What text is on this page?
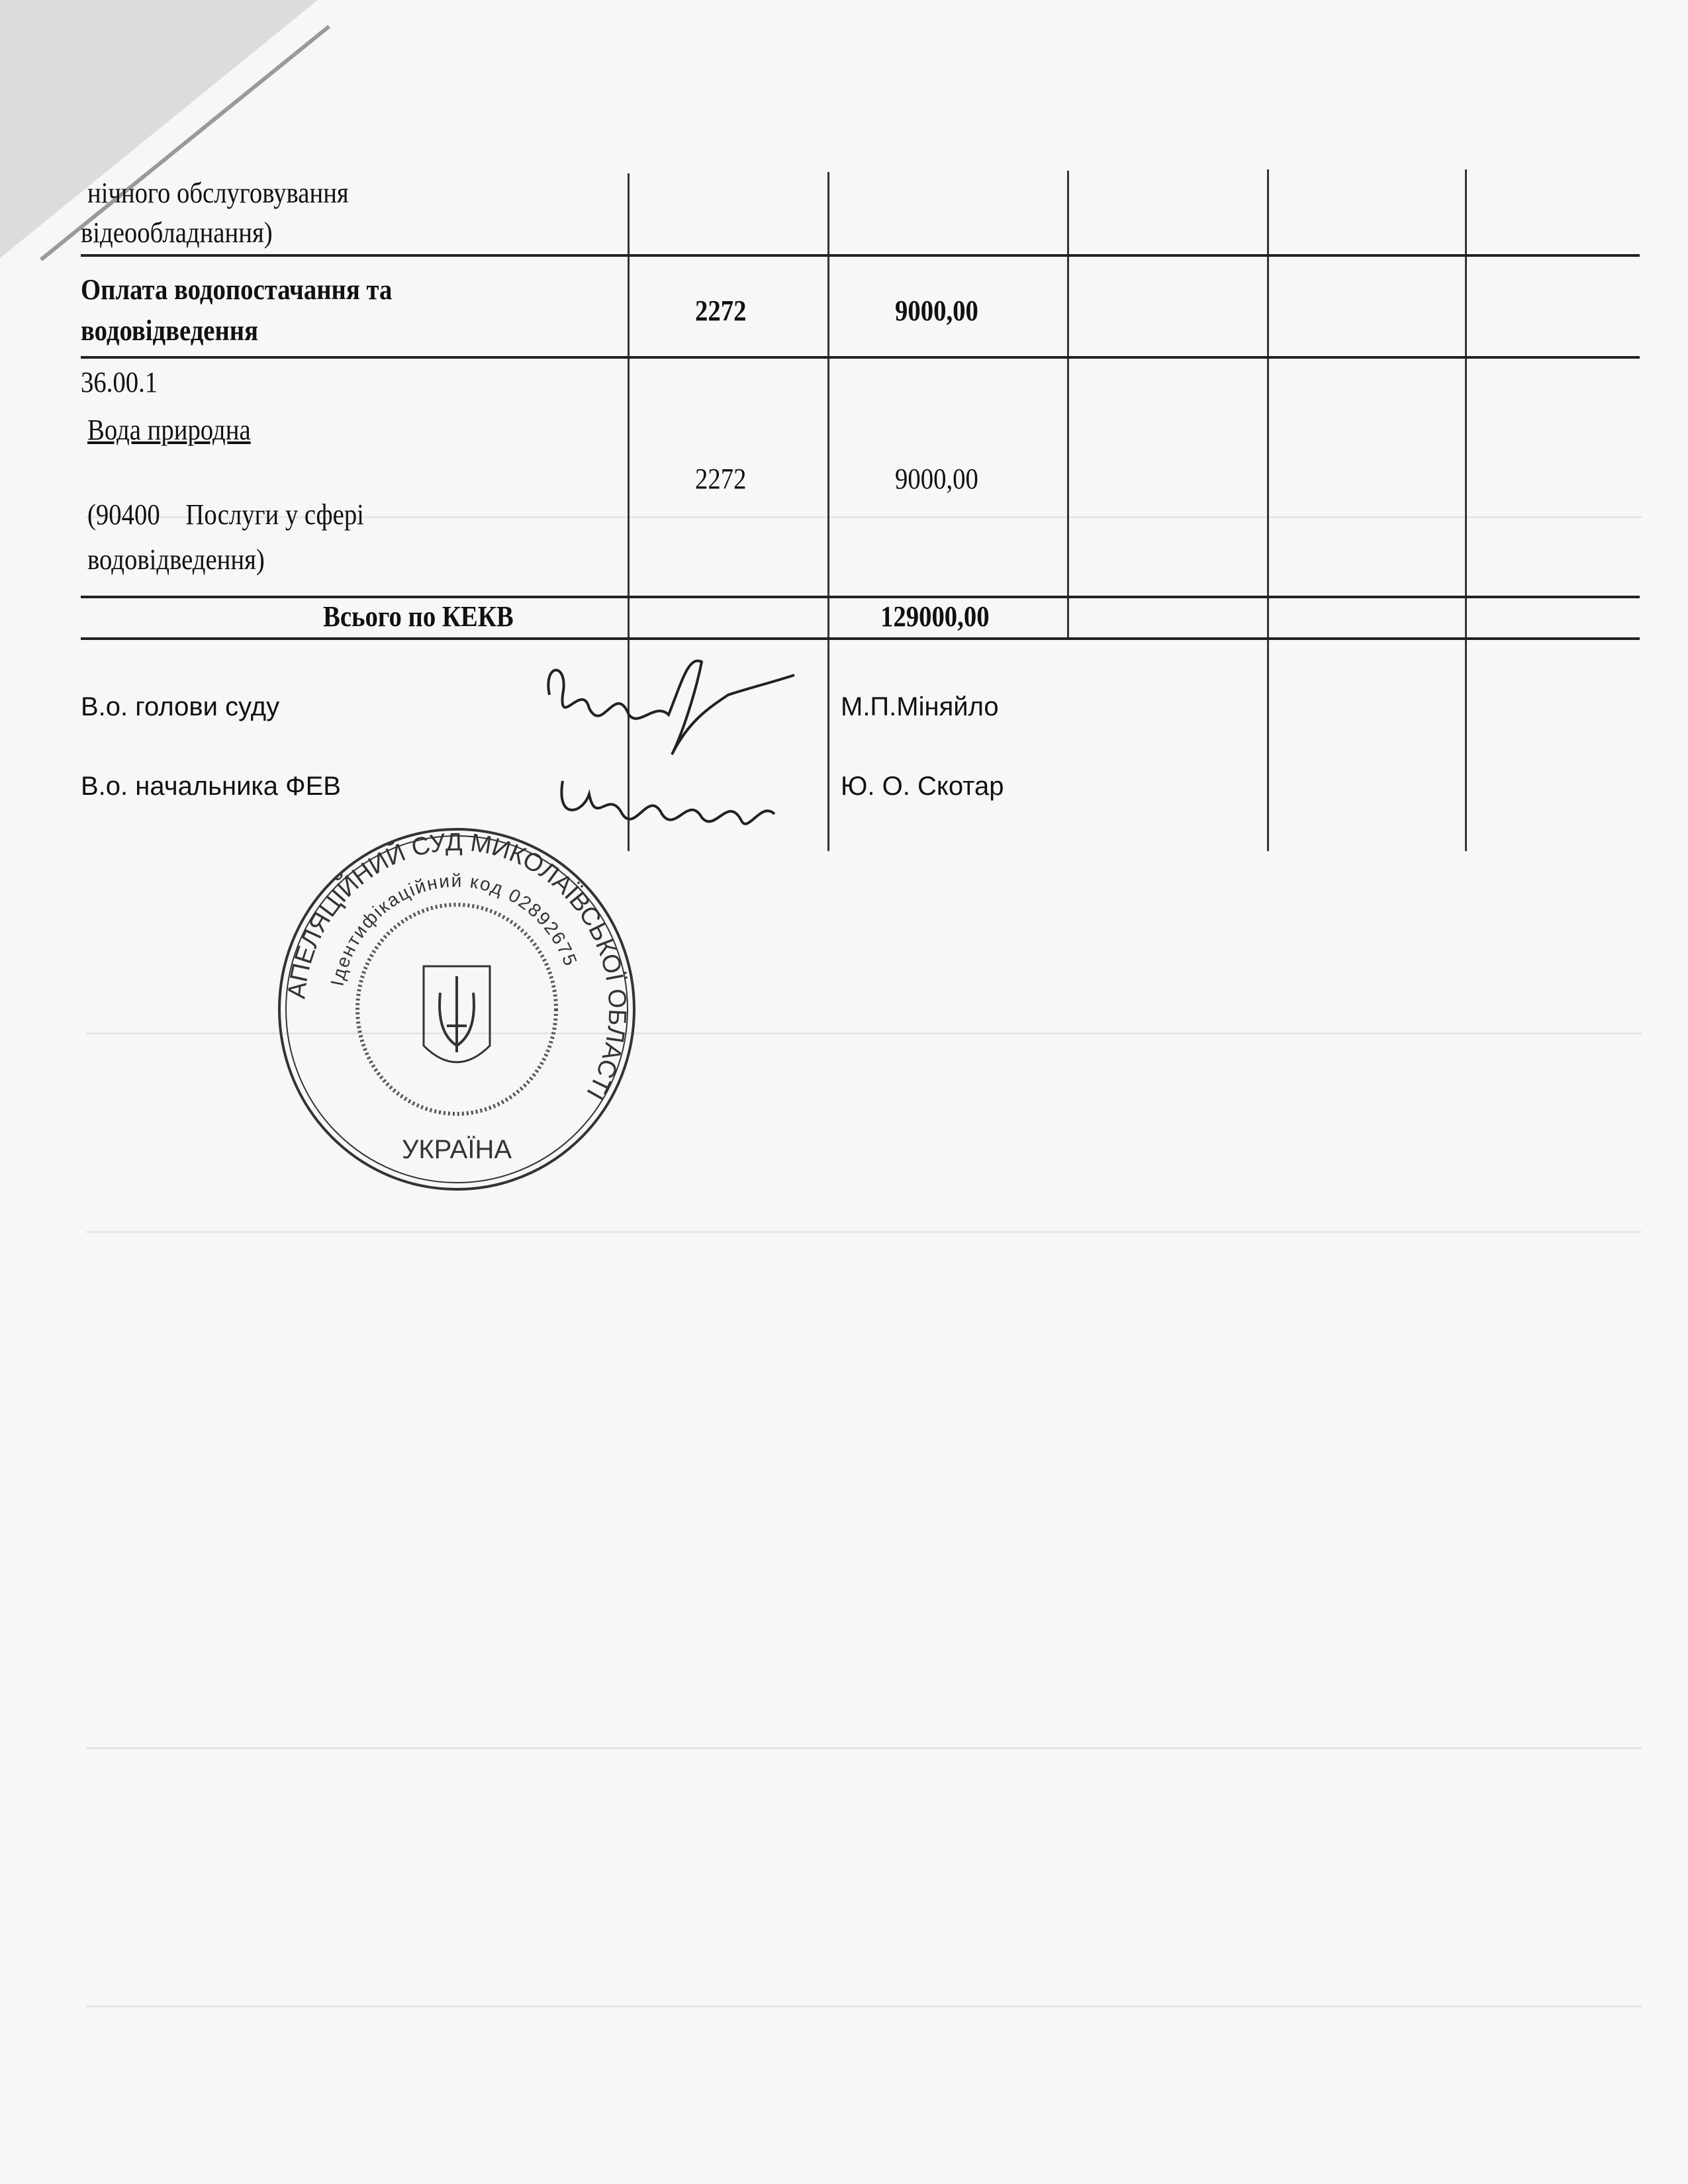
нічного обслуговування
відеообладнання)
Оплата водопостачання та
водовідведення
2272	9000,00
36.00.1
Вода природна
(90400    Послуги у сфері
водовідведення)
2272	9000,00
Всього по КЕКВ	129000,00
В.о. голови суду	М.П.Міняйло
В.о. начальника ФЕВ	Ю. О. Скотар
АПЕЛЯЦІЙНИЙ СУД МИКОЛАЇВСЬКОЇ ОБЛАСТІ
Ідентифікаційний код 02892675
УКРАЇНА
